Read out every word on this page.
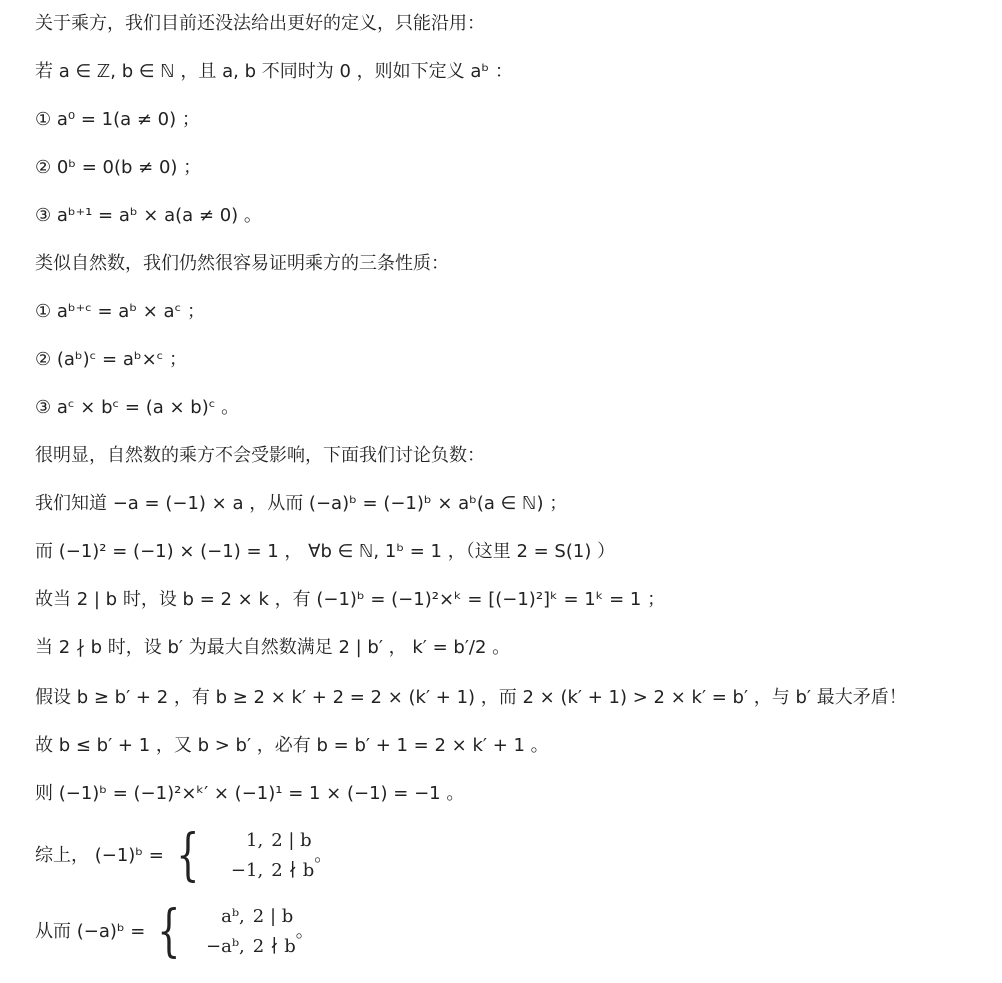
关于乘方，我们目前还没法给出更好的定义，只能沿用：
若 a ∈ ℤ, b ∈ ℕ ，且 a, b 不同时为 0 ，则如下定义 aᵇ ：
① a⁰ = 1(a ≠ 0) ；
② 0ᵇ = 0(b ≠ 0) ；
③ aᵇ⁺¹ = aᵇ × a(a ≠ 0) 。
类似自然数，我们仍然很容易证明乘方的三条性质：
① aᵇ⁺ᶜ = aᵇ × aᶜ ；
② (aᵇ)ᶜ = aᵇ×ᶜ ；
③ aᶜ × bᶜ = (a × b)ᶜ 。
很明显，自然数的乘方不会受影响，下面我们讨论负数：
我们知道 −a = (−1) × a ，从而 (−a)ᵇ = (−1)ᵇ × aᵇ(a ∈ ℕ) ；
而 (−1)² = (−1) × (−1) = 1 ， ∀b ∈ ℕ, 1ᵇ = 1 ，（这里 2 = S(1) ）
故当 2 | b 时，设 b = 2 × k ，有 (−1)ᵇ = (−1)²×ᵏ = [(−1)²]ᵏ = 1ᵏ = 1 ；
当 2 ∤ b 时，设 b′ 为最大自然数满足 2 | b′ ， k′ = b′/2 。
假设 b ≥ b′ + 2 ，有 b ≥ 2 × k′ + 2 = 2 × (k′ + 1) ，而 2 × (k′ + 1) > 2 × k′ = b′ ，与 b′ 最大矛盾！
故 b ≤ b′ + 1 ，又 b > b′ ，必有 b = b′ + 1 = 2 × k′ + 1 。
则 (−1)ᵇ = (−1)²×ᵏ′ × (−1)¹ = 1 × (−1) = −1 。
综上， (−1)ᵇ = {	1, 2 | b
−1, 2 ∤ b
。
从而 (−a)ᵇ = {	aᵇ, 2 | b
−aᵇ, 2 ∤ b
。
